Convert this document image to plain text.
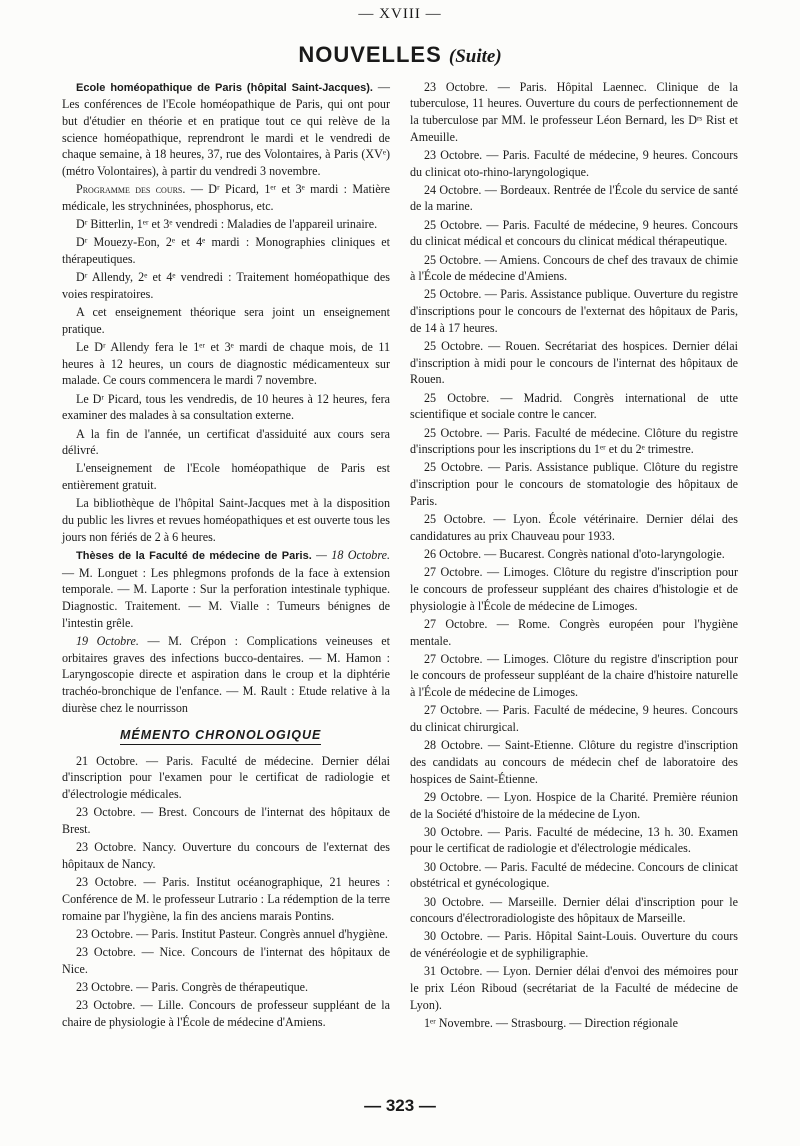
— XVIII —
NOUVELLES (Suite)

Ecole homéopathique de Paris (hôpital Saint-Jacques). — Les conférences de l'Ecole homéopathique de Paris, qui ont pour but d'étudier en théorie et en pratique tout ce qui relève de la science homéopathique, reprendront le mardi et le vendredi de chaque semaine, à 18 heures, 37, rue des Volontaires, à Paris (XVᵉ) (métro Volontaires), à partir du vendredi 3 novembre.

Programme des cours. — Dʳ Picard, 1ᵉʳ et 3ᵉ mardi : Matière médicale, les strychninées, phosphorus, etc.

Dʳ Bitterlin, 1ᵉʳ et 3ᵉ vendredi : Maladies de l'appareil urinaire.

Dʳ Mouezy-Eon, 2ᵉ et 4ᵉ mardi : Monographies cliniques et thérapeutiques.

Dʳ Allendy, 2ᵉ et 4ᵉ vendredi : Traitement homéopathique des voies respiratoires.

A cet enseignement théorique sera joint un enseignement pratique.

Le Dʳ Allendy fera le 1ᵉʳ et 3ᵉ mardi de chaque mois, de 11 heures à 12 heures, un cours de diagnostic médicamenteux sur malade. Ce cours commencera le mardi 7 novembre.

Le Dʳ Picard, tous les vendredis, de 10 heures à 12 heures, fera examiner des malades à sa consultation externe.

A la fin de l'année, un certificat d'assiduité aux cours sera délivré.

L'enseignement de l'Ecole homéopathique de Paris est entièrement gratuit.

La bibliothèque de l'hôpital Saint-Jacques met à la disposition du public les livres et revues homéopathiques et est ouverte tous les jours non fériés de 2 à 6 heures.

Thèses de la Faculté de médecine de Paris. — 18 Octobre. — M. Longuet : Les phlegmons profonds de la face à extension temporale. — M. Laporte : Sur la perforation intestinale typhique. Diagnostic. Traitement. — M. Vialle : Tumeurs bénignes de l'intestin grêle.

19 Octobre. — M. Crépon : Complications veineuses et orbitaires graves des infections bucco-dentaires. — M. Hamon : Laryngoscopie directe et aspiration dans le croup et la diphtérie trachéo-bronchique de l'enfance. — M. Rault : Etude relative à la diurèse chez le nourrisson

MÉMENTO CHRONOLOGIQUE

21 Octobre. — Paris. Faculté de médecine. Dernier délai d'inscription pour l'examen pour le certificat de radiologie et d'électrologie médicales.

23 Octobre. — Brest. Concours de l'internat des hôpitaux de Brest.

23 Octobre. Nancy. Ouverture du concours de l'externat des hôpitaux de Nancy.

23 Octobre. — Paris. Institut océanographique, 21 heures : Conférence de M. le professeur Lutrario : La rédemption de la terre romaine par l'hygiène, la fin des anciens marais Pontins.

23 Octobre. — Paris. Institut Pasteur. Congrès annuel d'hygiène.

23 Octobre. — Nice. Concours de l'internat des hôpitaux de Nice.

23 Octobre. — Paris. Congrès de thérapeutique.

23 Octobre. — Lille. Concours de professeur suppléant de la chaire de physiologie à l'École de médecine d'Amiens.

23 Octobre. — Paris. Hôpital Laennec. Clinique de la tuberculose, 11 heures. Ouverture du cours de perfectionnement de la tuberculose par MM. le professeur Léon Bernard, les Dʳˢ Rist et Ameuille.

23 Octobre. — Paris. Faculté de médecine, 9 heures. Concours du clinicat oto-rhino-laryngologique.

24 Octobre. — Bordeaux. Rentrée de l'École du service de santé de la marine.

25 Octobre. — Paris. Faculté de médecine, 9 heures. Concours du clinicat médical et concours du clinicat médical thérapeutique.

25 Octobre. — Amiens. Concours de chef des travaux de chimie à l'École de médecine d'Amiens.

25 Octobre. — Paris. Assistance publique. Ouverture du registre d'inscriptions pour le concours de l'externat des hôpitaux de Paris, de 14 à 17 heures.

25 Octobre. — Rouen. Secrétariat des hospices. Dernier délai d'inscription à midi pour le concours de l'internat des hôpitaux de Rouen.

25 Octobre. — Madrid. Congrès international de utte scientifique et sociale contre le cancer.

25 Octobre. — Paris. Faculté de médecine. Clôture du registre d'inscriptions pour les inscriptions du 1ᵉʳ et du 2ᵉ trimestre.

25 Octobre. — Paris. Assistance publique. Clôture du registre d'inscription pour le concours de stomatologie des hôpitaux de Paris.

25 Octobre. — Lyon. École vétérinaire. Dernier délai des candidatures au prix Chauveau pour 1933.

26 Octobre. — Bucarest. Congrès national d'oto-laryngologie.

27 Octobre. — Limoges. Clôture du registre d'inscription pour le concours de professeur suppléant des chaires d'histologie et de physiologie à l'École de médecine de Limoges.

27 Octobre. — Rome. Congrès européen pour l'hygiène mentale.

27 Octobre. — Limoges. Clôture du registre d'inscription pour le concours de professeur suppléant de la chaire d'histoire naturelle à l'École de médecine de Limoges.

27 Octobre. — Paris. Faculté de médecine, 9 heures. Concours du clinicat chirurgical.

28 Octobre. — Saint-Etienne. Clôture du registre d'inscription des candidats au concours de médecin chef de laboratoire des hospices de Saint-Étienne.

29 Octobre. — Lyon. Hospice de la Charité. Première réunion de la Société d'histoire de la médecine de Lyon.

30 Octobre. — Paris. Faculté de médecine, 13 h. 30. Examen pour le certificat de radiologie et d'électrologie médicales.

30 Octobre. — Paris. Faculté de médecine. Concours de clinicat obstétrical et gynécologique.

30 Octobre. — Marseille. Dernier délai d'inscription pour le concours d'électroradiologiste des hôpitaux de Marseille.

30 Octobre. — Paris. Hôpital Saint-Louis. Ouverture du cours de vénéréologie et de syphiligraphie.

31 Octobre. — Lyon. Dernier délai d'envoi des mémoires pour le prix Léon Riboud (secrétariat de la Faculté de médecine de Lyon).

1ᵉʳ Novembre. — Strasbourg. — Direction régionale

— 323 —
